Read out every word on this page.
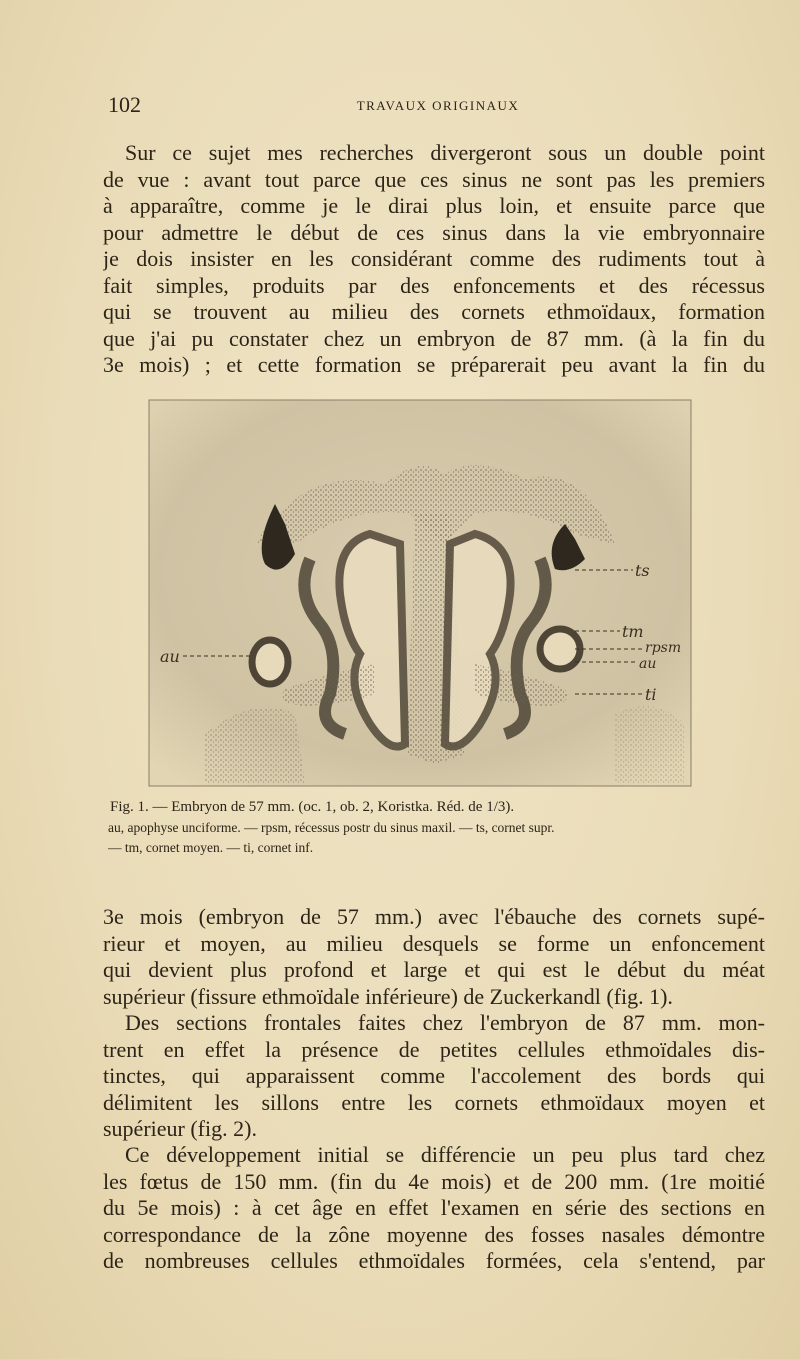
102	TRAVAUX ORIGINAUX

Sur ce sujet mes recherches divergeront sous un double point
de vue : avant tout parce que ces sinus ne sont pas les premiers
à apparaître, comme je le dirai plus loin, et ensuite parce que
pour admettre le début de ces sinus dans la vie embryonnaire
je dois insister en les considérant comme des rudiments tout à
fait simples, produits par des enfoncements et des récessus
qui se trouvent au milieu des cornets ethmoïdaux, formation
que j'ai pu constater chez un embryon de 87 mm. (à la fin du
3e mois) ; et cette formation se préparerait peu avant la fin du

ts
tm
rpsm
au
ti
au
Fig. 1. — Embryon de 57 mm. (oc. 1, ob. 2, Koristka. Réd. de 1/3).
au, apophyse unciforme. — rpsm, récessus postr du sinus maxil. — ts, cornet supr.
— tm, cornet moyen. — ti, cornet inf.

3e mois (embryon de 57 mm.) avec l'ébauche des cornets supé-
rieur et moyen, au milieu desquels se forme un enfoncement
qui devient plus profond et large et qui est le début du méat
supérieur (fissure ethmoïdale inférieure) de Zuckerkandl (fig. 1).

Des sections frontales faites chez l'embryon de 87 mm. mon-
trent en effet la présence de petites cellules ethmoïdales dis-
tinctes, qui apparaissent comme l'accolement des bords qui
délimitent les sillons entre les cornets ethmoïdaux moyen et
supérieur (fig. 2).

Ce développement initial se différencie un peu plus tard chez
les fœtus de 150 mm. (fin du 4e mois) et de 200 mm. (1re moitié
du 5e mois) : à cet âge en effet l'examen en série des sections en
correspondance de la zône moyenne des fosses nasales démontre
de nombreuses cellules ethmoïdales formées, cela s'entend, par
